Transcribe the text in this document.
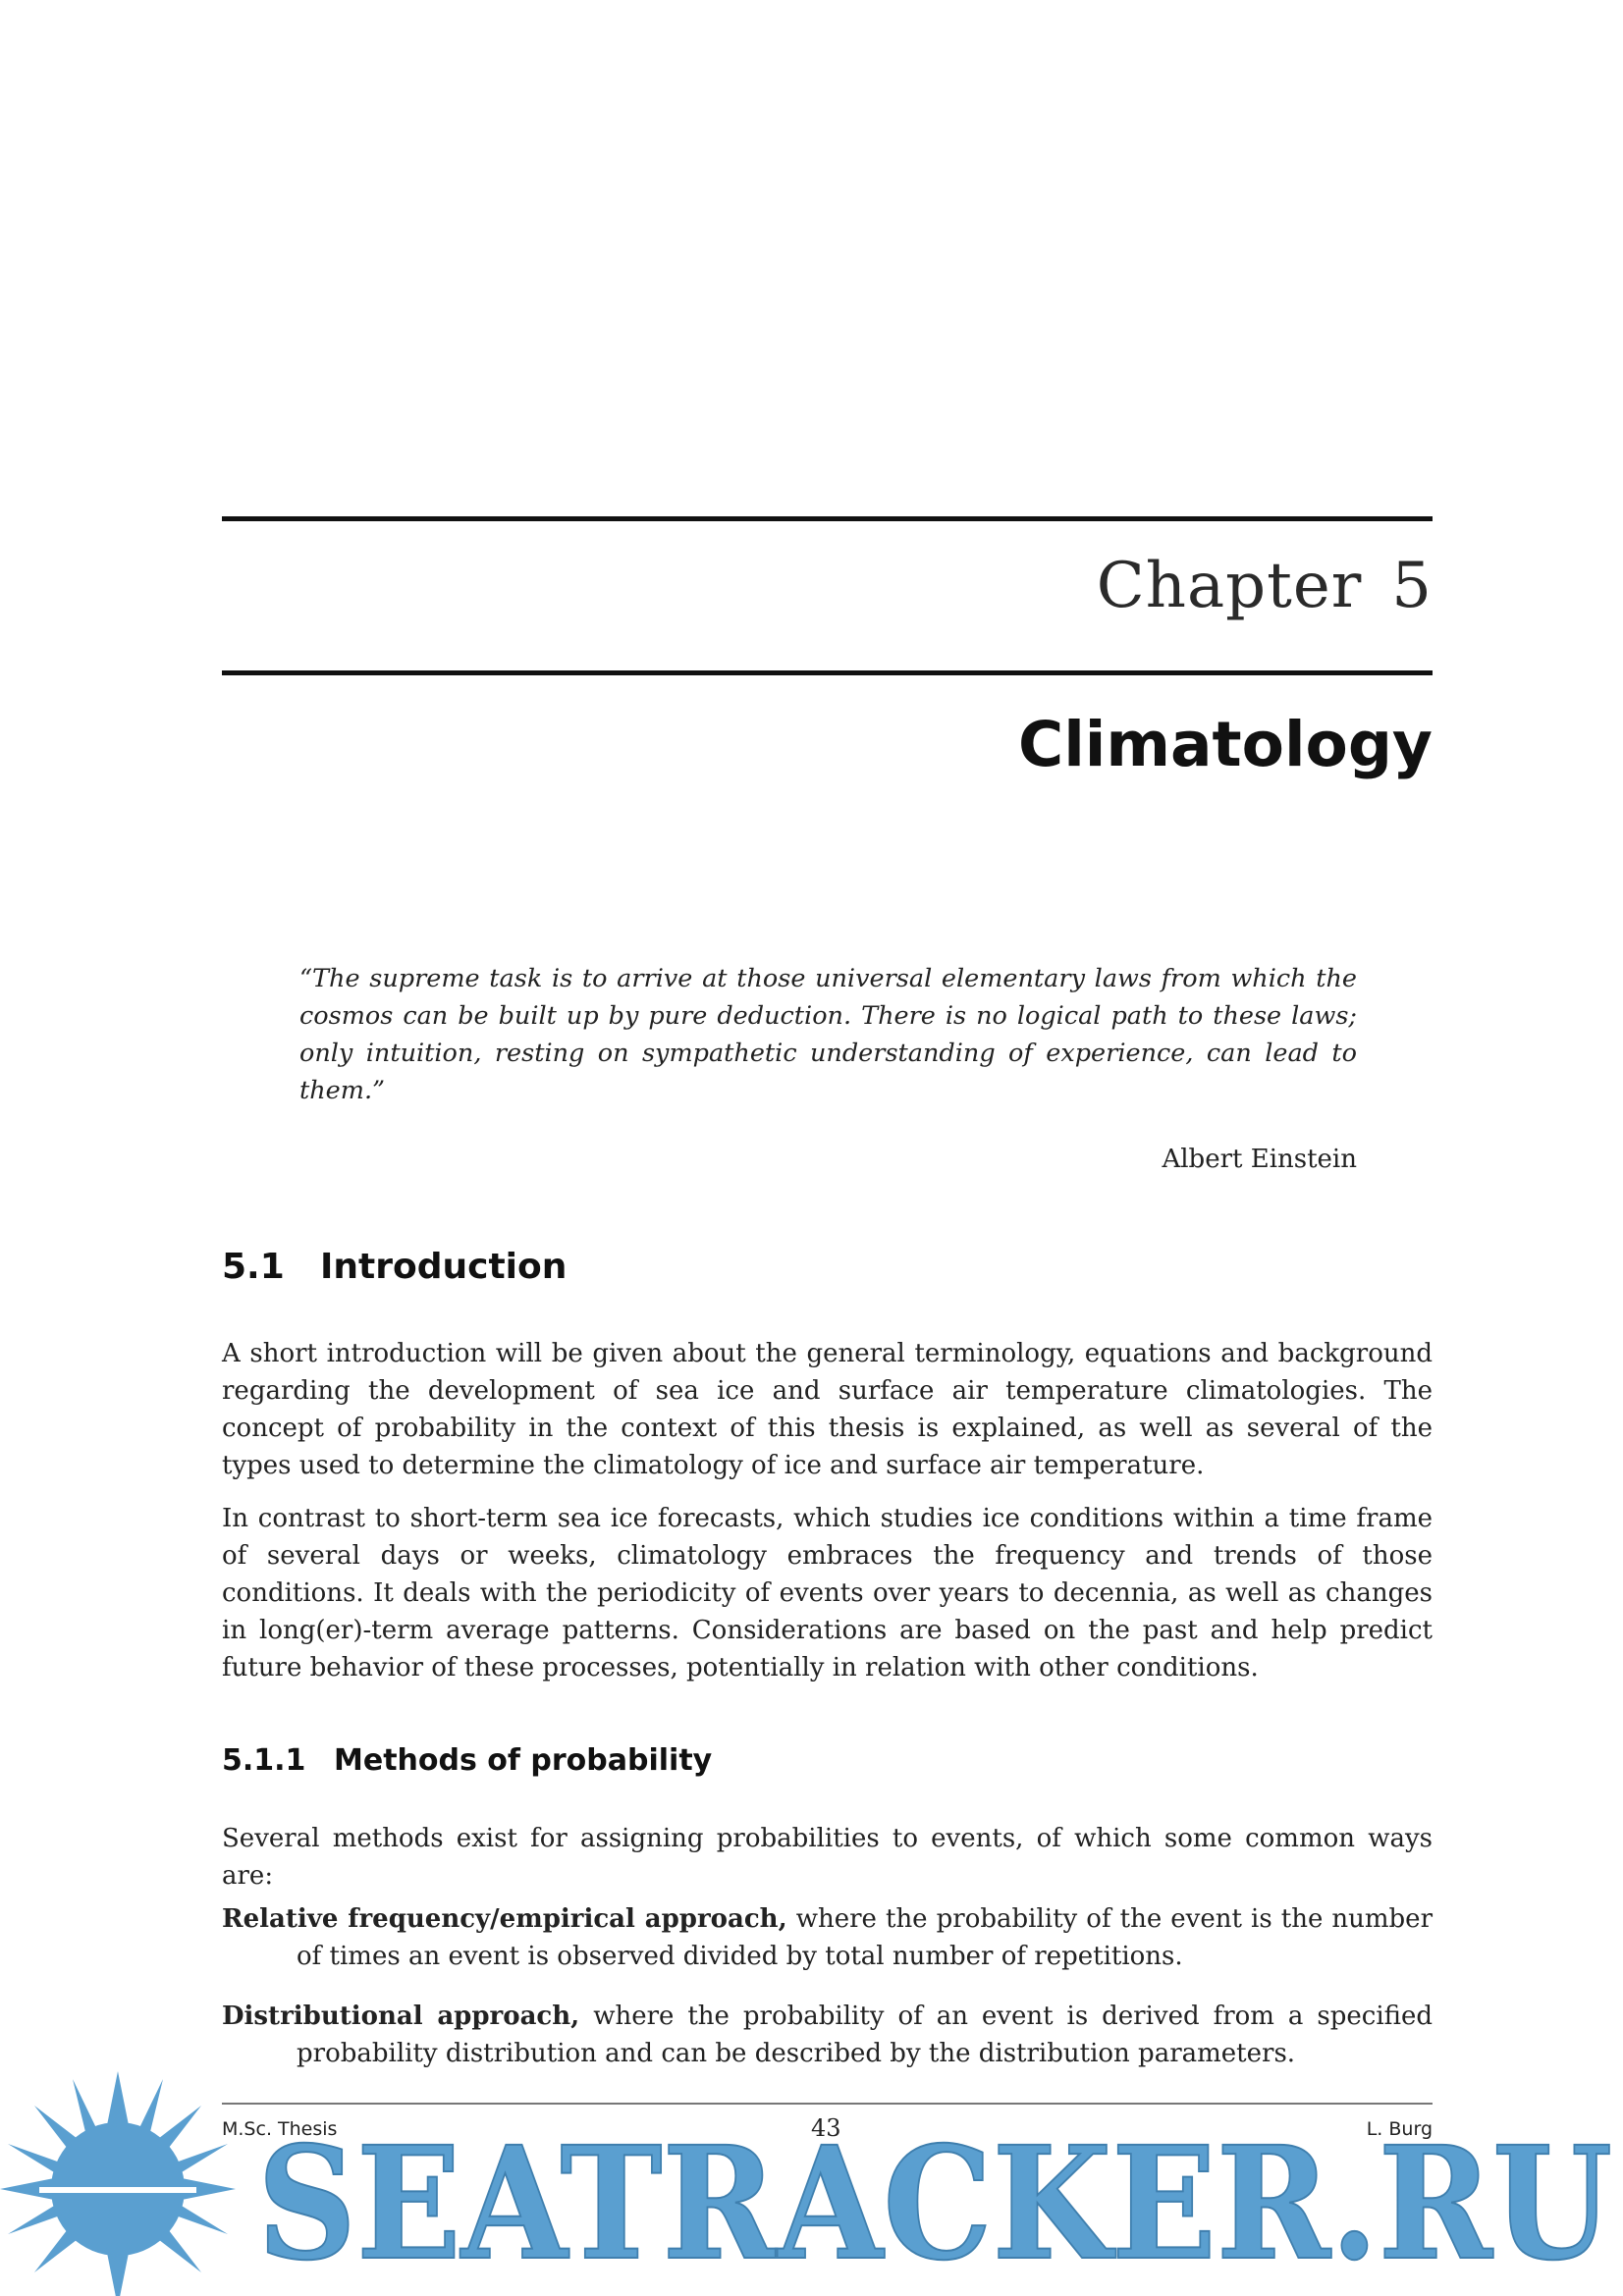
Chapter 5
Climatology
“The supreme task is to arrive at those universal elementary laws from which the cosmos can be built up by pure deduction. There is no logical path to these laws; only intuition, resting on sympathetic understanding of experience, can lead to them.”
Albert Einstein
5.1 Introduction
A short introduction will be given about the general terminology, equations and background regarding the development of sea ice and surface air temperature climatologies. The concept of probability in the context of this thesis is explained, as well as several of the types used to determine the climatology of ice and surface air temperature.
In contrast to short-term sea ice forecasts, which studies ice conditions within a time frame of several days or weeks, climatology embraces the frequency and trends of those conditions. It deals with the periodicity of events over years to decennia, as well as changes in long(er)-term average patterns. Considerations are based on the past and help predict future behavior of these processes, potentially in relation with other conditions.
5.1.1 Methods of probability
Several methods exist for assigning probabilities to events, of which some common ways are:
Relative frequency/empirical approach, where the probability of the event is the number of times an event is observed divided by total number of repetitions.
Distributional approach, where the probability of an event is derived from a specified probability distribution and can be described by the distribution parameters.
M.Sc. Thesis	43	L. Burg
SEATRACKER.RU
